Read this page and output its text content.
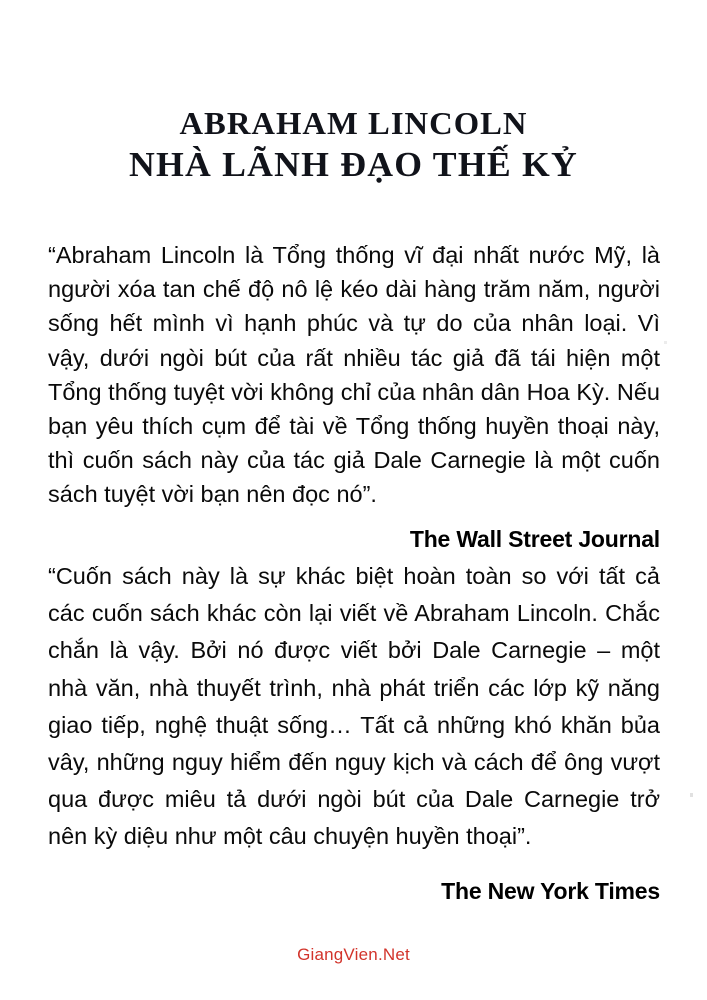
ABRAHAM LINCOLN
NHÀ LÃNH ĐẠO THẾ KỶ

“Abraham Lincoln là Tổng thống vĩ đại nhất nước Mỹ, là người xóa tan chế độ nô lệ kéo dài hàng trăm năm, người sống hết mình vì hạnh phúc và tự do của nhân loại. Vì vậy, dưới ngòi bút của rất nhiều tác giả đã tái hiện một Tổng thống tuyệt vời không chỉ của nhân dân Hoa Kỳ. Nếu bạn yêu thích cụm để tài về Tổng thống huyền thoại này, thì cuốn sách này của tác giả Dale Carnegie là một cuốn sách tuyệt vời bạn nên đọc nó”.

The Wall Street Journal

“Cuốn sách này là sự khác biệt hoàn toàn so với tất cả các cuốn sách khác còn lại viết về Abraham Lincoln. Chắc chắn là vậy. Bởi nó được viết bởi Dale Carnegie – một nhà văn, nhà thuyết trình, nhà phát triển các lớp kỹ năng giao tiếp, nghệ thuật sống… Tất cả những khó khăn bủa vây, những nguy hiểm đến nguy kịch và cách để ông vượt qua được miêu tả dưới ngòi bút của Dale Carnegie trở nên kỳ diệu như một câu chuyện huyền thoại”.

The New York Times
GiangVien.Net
